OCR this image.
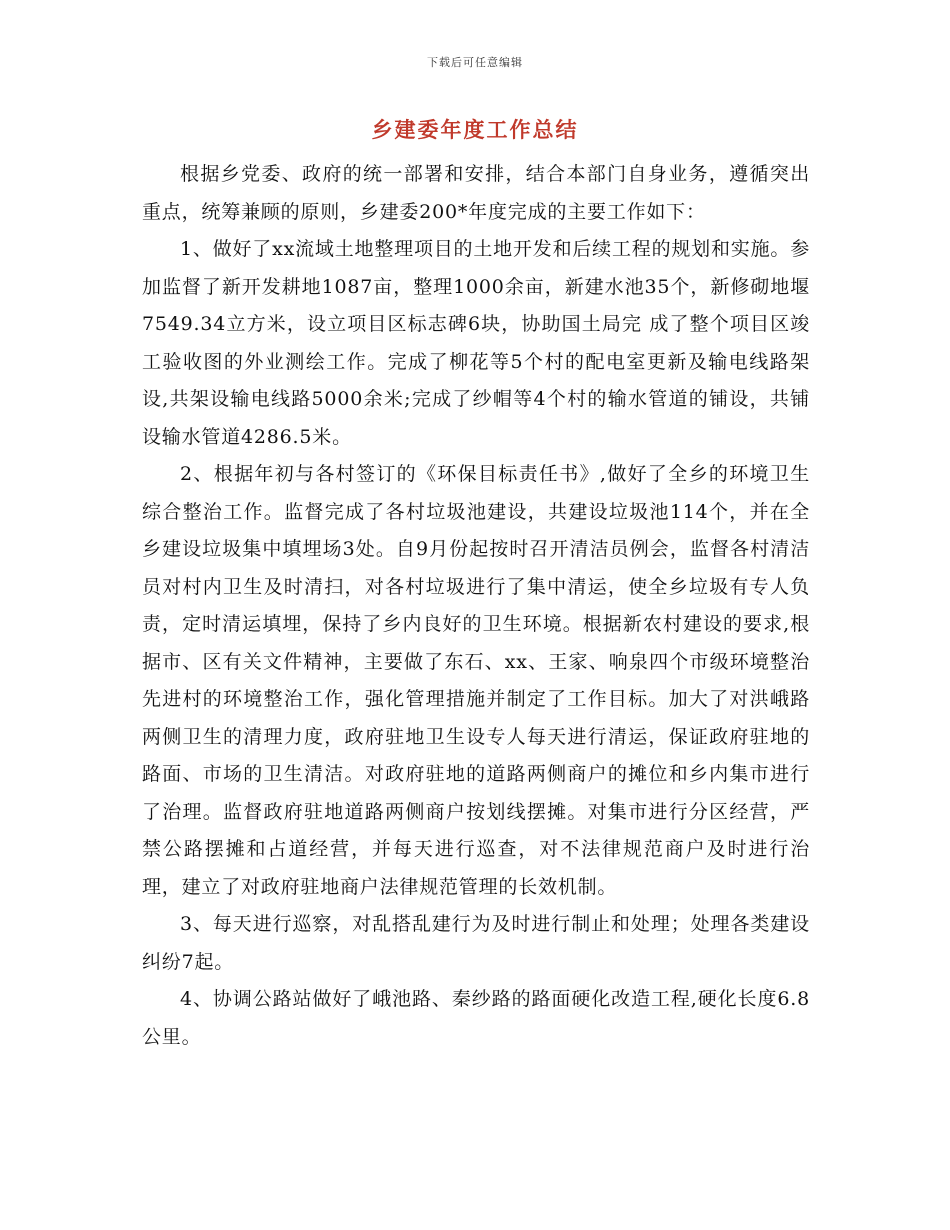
下载后可任意编辑
乡建委年度工作总结

根据乡党委、政府的统一部署和安排，结合本部门自身业务，遵循突出重点，统筹兼顾的原则，乡建委200*年度完成的主要工作如下：

1、做好了xx流域土地整理项目的土地开发和后续工程的规划和实施。参加监督了新开发耕地1087亩，整理1000余亩，新建水池35个，新修砌地堰7549.34立方米，设立项目区标志碑6块，协助国土局完 成了整个项目区竣工验收图的外业测绘工作。完成了柳花等5个村的配电室更新及输电线路架设,共架设输电线路5000余米;完成了纱帽等4个村的输水管道的铺设，共铺设输水管道4286.5米。

2、根据年初与各村签订的《环保目标责任书》,做好了全乡的环境卫生综合整治工作。监督完成了各村垃圾池建设，共建设垃圾池114个，并在全乡建设垃圾集中填埋场3处。自9月份起按时召开清洁员例会，监督各村清洁员对村内卫生及时清扫，对各村垃圾进行了集中清运，使全乡垃圾有专人负责，定时清运填埋，保持了乡内良好的卫生环境。根据新农村建设的要求,根据市、区有关文件精神，主要做了东石、xx、王家、响泉四个市级环境整治先进村的环境整治工作，强化管理措施并制定了工作目标。加大了对洪峨路两侧卫生的清理力度，政府驻地卫生设专人每天进行清运，保证政府驻地的路面、市场的卫生清洁。对政府驻地的道路两侧商户的摊位和乡内集市进行了治理。监督政府驻地道路两侧商户按划线摆摊。对集市进行分区经营，严禁公路摆摊和占道经营，并每天进行巡查，对不法律规范商户及时进行治理，建立了对政府驻地商户法律规范管理的长效机制。

3、每天进行巡察，对乱搭乱建行为及时进行制止和处理；处理各类建设纠纷7起。

4、协调公路站做好了峨池路、秦纱路的路面硬化改造工程,硬化长度6.8公里。
